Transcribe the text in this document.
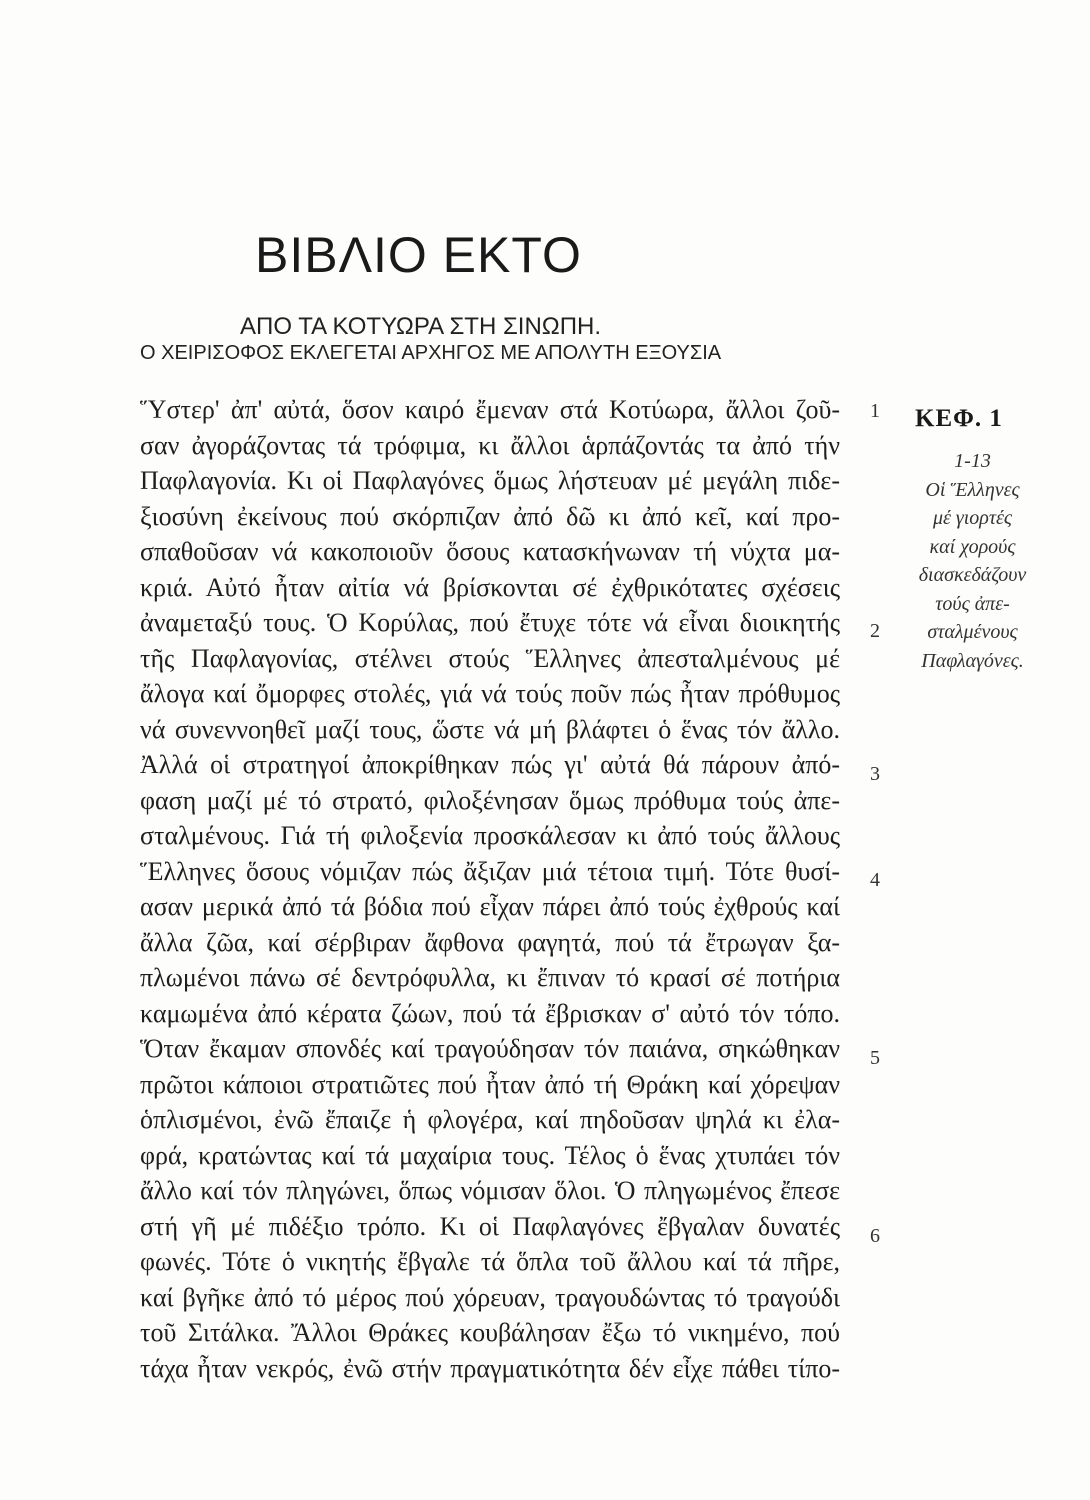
ΒΙΒΛΙΟ ΕΚΤΟ
ΑΠΟ ΤΑ ΚΟΤΥΩΡΑ ΣΤΗ ΣΙΝΩΠΗ.
Ο ΧΕΙΡΙΣΟΦΟΣ ΕΚΛΕΓΕΤΑΙ ΑΡΧΗΓΟΣ ΜΕ ΑΠΟΛΥΤΗ ΕΞΟΥΣΙΑ
Ὕστερ' ἀπ' αὐτά, ὅσον καιρό ἔμεναν στά Κοτύωρα, ἄλλοι ζοῦ-
σαν ἀγοράζοντας τά τρόφιμα, κι ἄλλοι ἁρπάζοντάς τα ἀπό τήν
Παφλαγονία. Κι οἱ Παφλαγόνες ὅμως λήστευαν μέ μεγάλη πιδε-
ξιοσύνη ἐκείνους πού σκόρπιζαν ἀπό δῶ κι ἀπό κεῖ, καί προ-
σπαθοῦσαν νά κακοποιοῦν ὅσους κατασκήνωναν τή νύχτα μα-
κριά. Αὐτό ἦταν αἰτία νά βρίσκονται σέ ἐχθρικότατες σχέσεις
ἀναμεταξύ τους. Ὁ Κορύλας, πού ἔτυχε τότε νά εἶναι διοικητής
τῆς Παφλαγονίας, στέλνει στούς Ἕλληνες ἀπεσταλμένους μέ
ἄλογα καί ὄμορφες στολές, γιά νά τούς ποῦν πώς ἦταν πρόθυμος
νά συνεννοηθεῖ μαζί τους, ὥστε νά μή βλάφτει ὁ ἕνας τόν ἄλλο.
Ἀλλά οἱ στρατηγοί ἀποκρίθηκαν πώς γι' αὐτά θά πάρουν ἀπό-
φαση μαζί μέ τό στρατό, φιλοξένησαν ὅμως πρόθυμα τούς ἀπε-
σταλμένους. Γιά τή φιλοξενία προσκάλεσαν κι ἀπό τούς ἄλλους
Ἕλληνες ὅσους νόμιζαν πώς ἄξιζαν μιά τέτοια τιμή. Τότε θυσί-
ασαν μερικά ἀπό τά βόδια πού εἶχαν πάρει ἀπό τούς ἐχθρούς καί
ἄλλα ζῶα, καί σέρβιραν ἄφθονα φαγητά, πού τά ἔτρωγαν ξα-
πλωμένοι πάνω σέ δεντρόφυλλα, κι ἔπιναν τό κρασί σέ ποτήρια
καμωμένα ἀπό κέρατα ζώων, πού τά ἔβρισκαν σ' αὐτό τόν τόπο.
Ὅταν ἔκαμαν σπονδές καί τραγούδησαν τόν παιάνα, σηκώθηκαν
πρῶτοι κάποιοι στρατιῶτες πού ἦταν ἀπό τή Θράκη καί χόρεψαν
ὁπλισμένοι, ἐνῶ ἔπαιζε ἡ φλογέρα, καί πηδοῦσαν ψηλά κι ἐλα-
φρά, κρατώντας καί τά μαχαίρια τους. Τέλος ὁ ἕνας χτυπάει τόν
ἄλλο καί τόν πληγώνει, ὅπως νόμισαν ὅλοι. Ὁ πληγωμένος ἔπεσε
στή γῆ μέ πιδέξιο τρόπο. Κι οἱ Παφλαγόνες ἔβγαλαν δυνατές
φωνές. Τότε ὁ νικητής ἔβγαλε τά ὅπλα τοῦ ἄλλου καί τά πῆρε,
καί βγῆκε ἀπό τό μέρος πού χόρευαν, τραγουδώντας τό τραγούδι
τοῦ Σιτάλκα. Ἄλλοι Θράκες κουβάλησαν ἔξω τό νικημένο, πού
τάχα ἦταν νεκρός, ἐνῶ στήν πραγματικότητα δέν εἶχε πάθει τίπο-
1
2
3
4
5
6
ΚΕΦ. 1
1-13
Οἱ Ἕλληνες
μέ γιορτές
καί χορούς
διασκεδάζουν
τούς ἀπε-
σταλμένους
Παφλαγόνες.
